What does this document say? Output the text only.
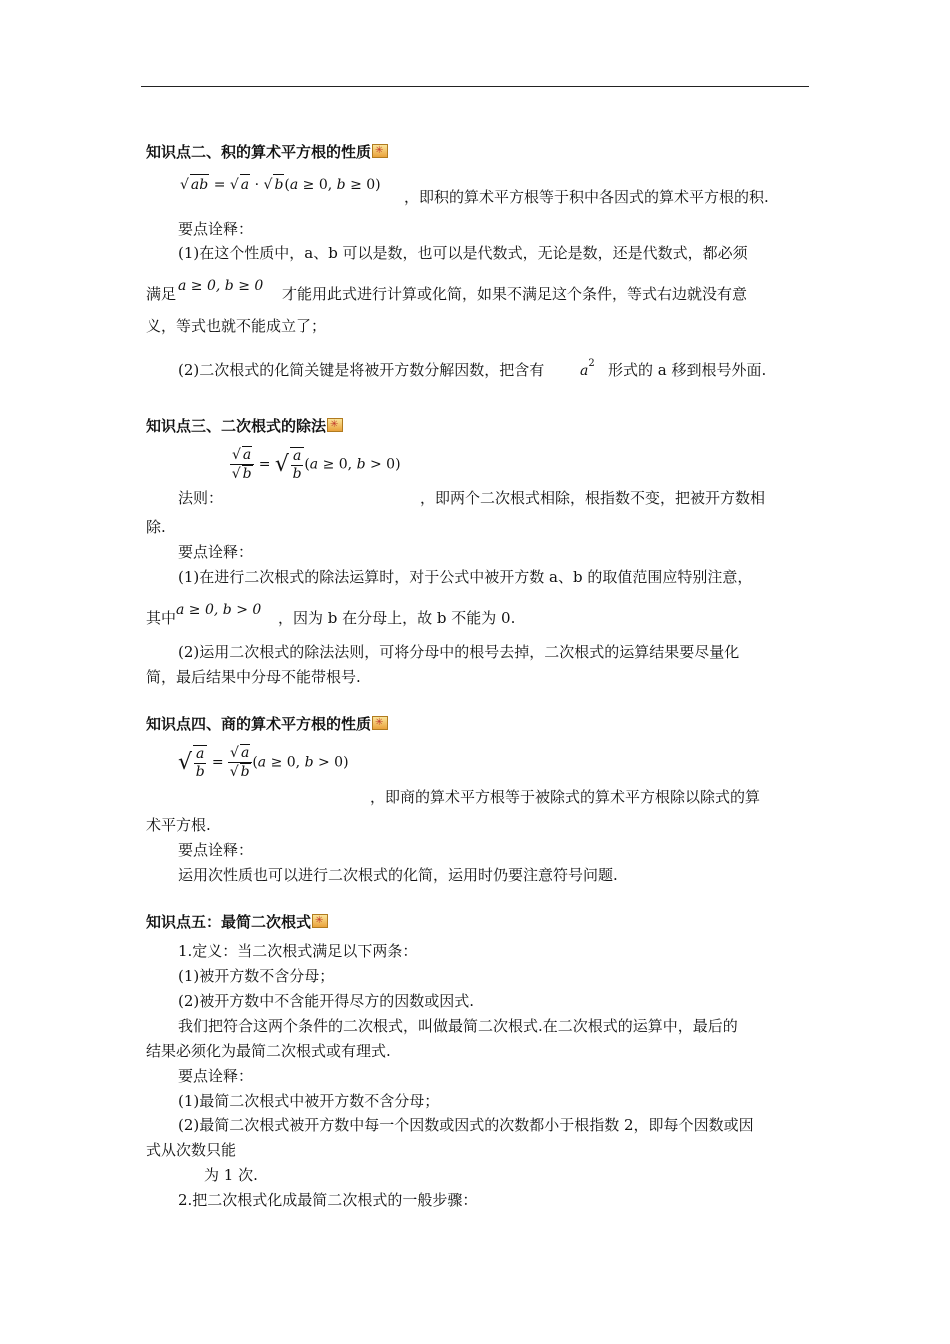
知识点二、积的算术平方根的性质✳
√ ab = √ a · √ b(a ≥ 0, b ≥ 0)
，即积的算术平方根等于积中各因式的算术平方根的积.
要点诠释：
(1)在这个性质中，a、b 可以是数，也可以是代数式，无论是数，还是代数式，都必须
满足 a ≥ 0, b ≥ 0 才能用此式进行计算或化简，如果不满足这个条件，等式右边就没有意
义，等式也就不能成立了；
(2)二次根式的化简关键是将被开方数分解因数，把含有	$a^2$ 形式的 a 移到根号外面.
知识点三、二次根式的除法✳
$\frac{√ a}{√ b}$ = √ $\frac{a}{b} (a \ge 0$, b > 0)
法则：	，即两个二次根式相除，根指数不变，把被开方数相
除.
要点诠释：
(1)在进行二次根式的除法运算时，对于公式中被开方数 a、b 的取值范围应特别注意，
其中 a ≥ 0, b > 0 ，因为 b 在分母上，故 b 不能为 0.
(2)运用二次根式的除法法则，可将分母中的根号去掉，二次根式的运算结果要尽量化
简，最后结果中分母不能带根号.
知识点四、商的算术平方根的性质✳
√ $\frac{a}{b} = \frac{√ a}{√ b} (a \ge 0$, b > 0)
，即商的算术平方根等于被除式的算术平方根除以除式的算
术平方根.
要点诠释：
运用次性质也可以进行二次根式的化简，运用时仍要注意符号问题.
知识点五：最简二次根式✳
1.定义：当二次根式满足以下两条：
(1)被开方数不含分母；
(2)被开方数中不含能开得尽方的因数或因式.
我们把符合这两个条件的二次根式，叫做最简二次根式.在二次根式的运算中，最后的
结果必须化为最简二次根式或有理式.
要点诠释：
(1)最简二次根式中被开方数不含分母；
(2)最简二次根式被开方数中每一个因数或因式的次数都小于根指数 2，即每个因数或因
式从次数只能
为 1 次.
2.把二次根式化成最简二次根式的一般步骤：
